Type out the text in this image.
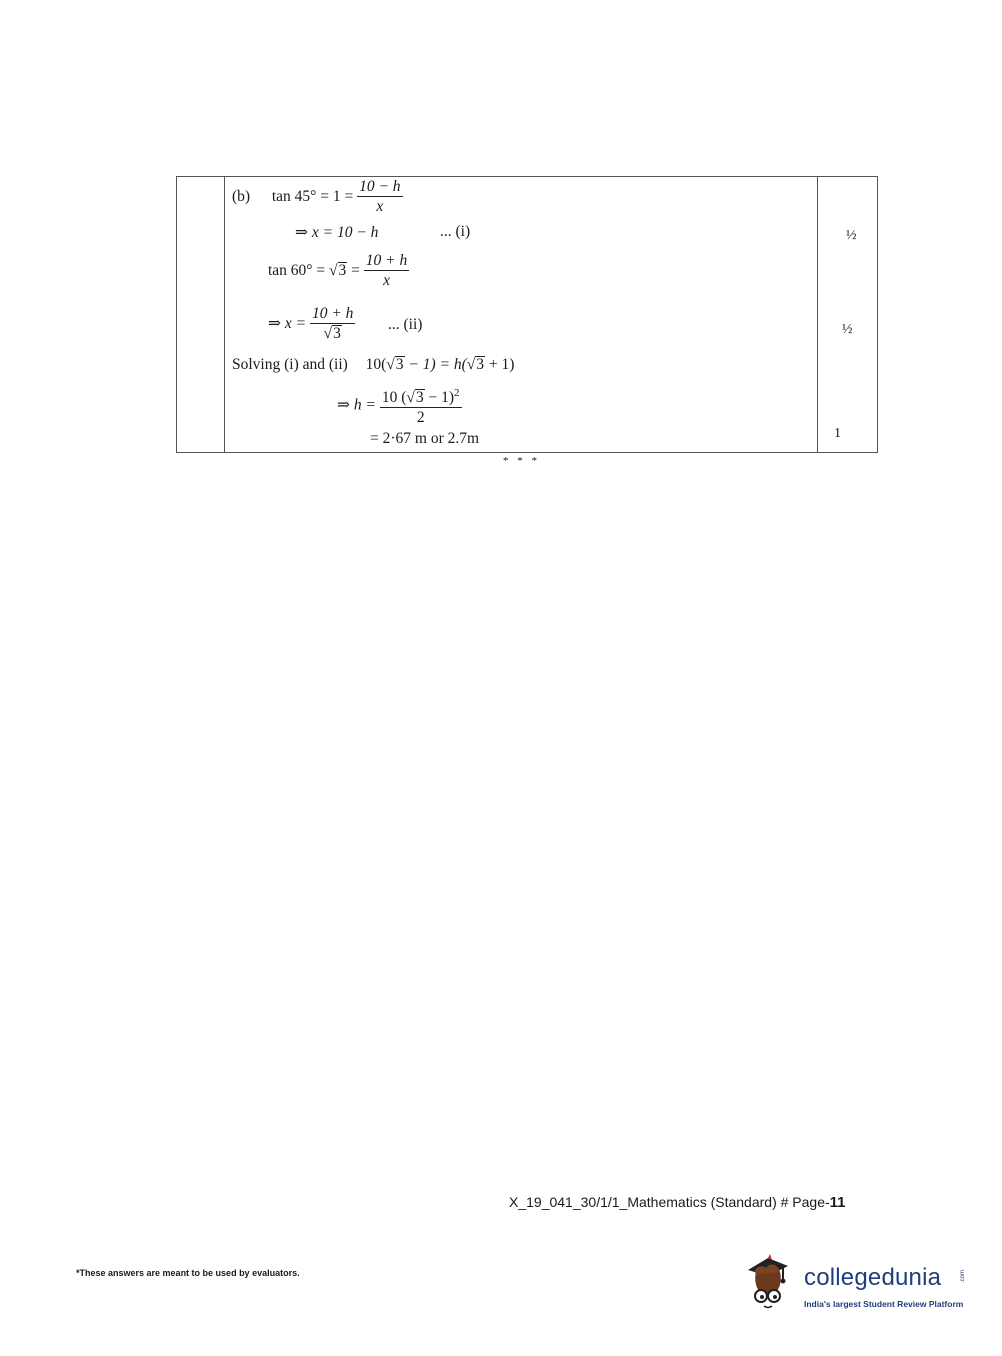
(b) $\tan 45^\circ = 1 = \frac{10 - h}{x}$
⇒ x = 10 − h	... (i)
$\tan 60^\circ = √3 = \frac{10 + h}{x}$
⇒ $x = \frac{10 + h}{√3}$ ... (ii)
Solving (i) and (ii) 10(√3 − 1) = h(√3 + 1)
⇒ $h = \frac{10 (√3 - 1)^2}{2}$
= 2·67 m or 2.7m
½
½
1
* * *
X_19_041_30/1/1_Mathematics (Standard) # Page-11
*These answers are meant to be used by evaluators.	collegedunia	.com
India's largest Student Review Platform
